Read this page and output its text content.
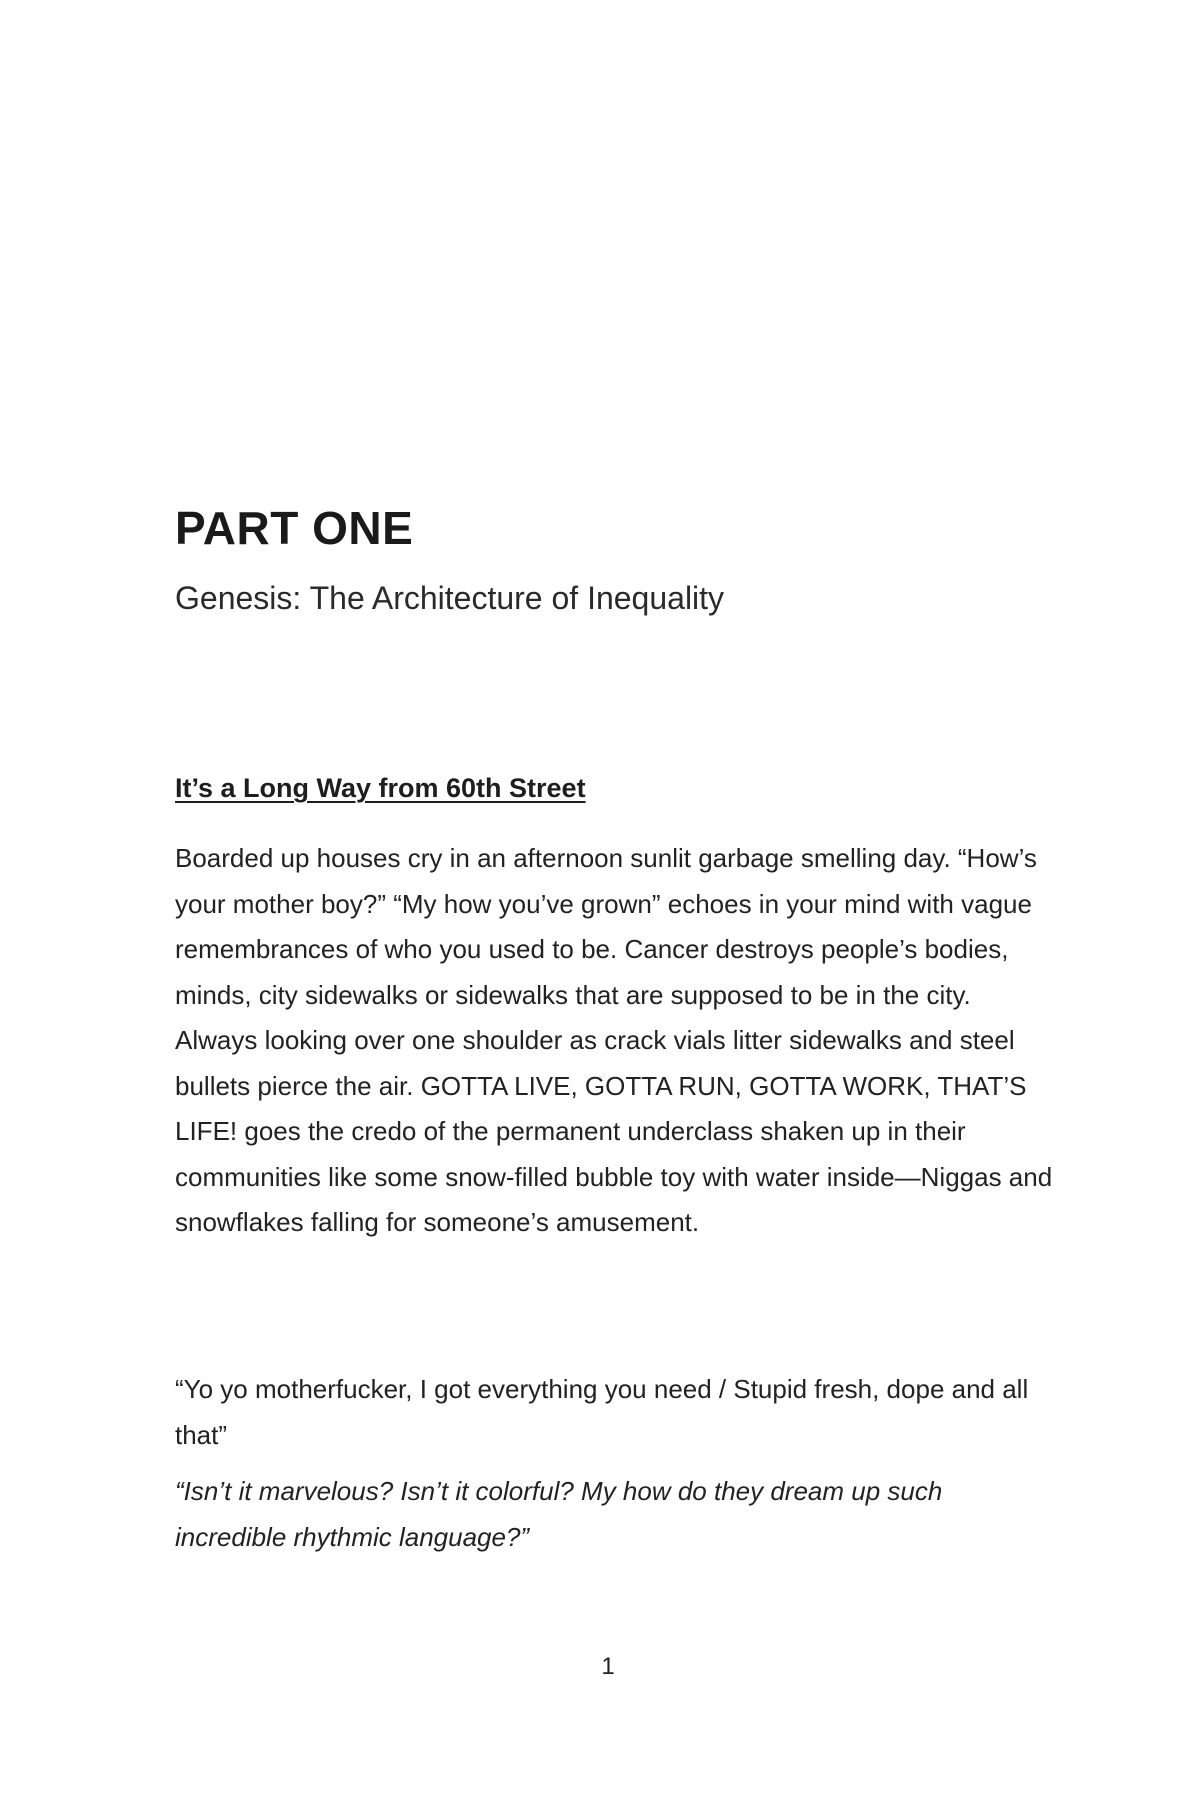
PART ONE
Genesis: The Architecture of Inequality
It’s a Long Way from 60th Street

Boarded up houses cry in an afternoon sunlit garbage smelling day. “How’s your mother boy?” “My how you’ve grown” echoes in your mind with vague remembrances of who you used to be. Cancer destroys people’s bodies, minds, city sidewalks or sidewalks that are supposed to be in the city. Always looking over one shoulder as crack vials litter sidewalks and steel bullets pierce the air. GOTTA LIVE, GOTTA RUN, GOTTA WORK, THAT’S LIFE! goes the credo of the permanent underclass shaken up in their communities like some snow-filled bubble toy with water inside—Niggas and snowflakes falling for someone’s amusement.

“Yo yo motherfucker, I got everything you need / Stupid fresh, dope and all that”

“Isn’t it marvelous? Isn’t it colorful? My how do they dream up such incredible rhythmic language?”

1
